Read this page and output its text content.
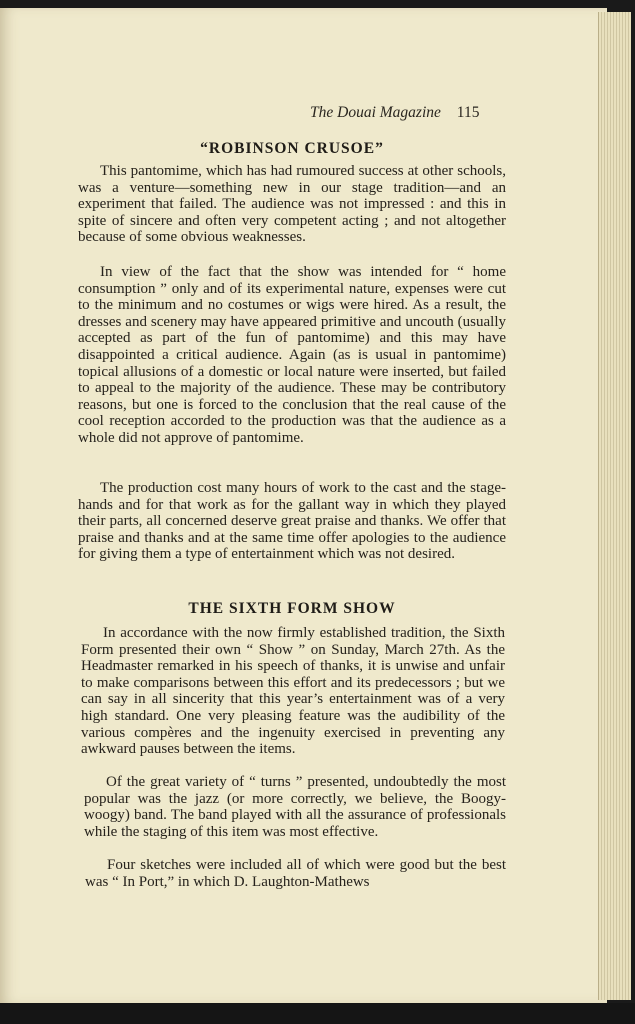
The Douai Magazine 115
“ROBINSON CRUSOE”

This pantomime, which has had rumoured success at other schools, was a venture—something new in our stage tradition—and an experiment that failed. The audience was not impressed : and this in spite of sincere and often very competent acting ; and not altogether because of some obvious weaknesses.

In view of the fact that the show was intended for “ home consumption ” only and of its experimental nature, expenses were cut to the minimum and no costumes or wigs were hired. As a result, the dresses and scenery may have appeared primitive and uncouth (usually accepted as part of the fun of pantomime) and this may have disappointed a critical audience. Again (as is usual in pantomime) topical allusions of a domestic or local nature were inserted, but failed to appeal to the majority of the audience. These may be contributory reasons, but one is forced to the conclusion that the real cause of the cool reception accorded to the production was that the audience as a whole did not approve of pantomime.

The production cost many hours of work to the cast and the stage-hands and for that work as for the gallant way in which they played their parts, all concerned deserve great praise and thanks. We offer that praise and thanks and at the same time offer apologies to the audience for giving them a type of entertainment which was not desired.

THE SIXTH FORM SHOW

In accordance with the now firmly established tradition, the Sixth Form presented their own “ Show ” on Sunday, March 27th. As the Headmaster remarked in his speech of thanks, it is unwise and unfair to make comparisons between this effort and its predecessors ; but we can say in all sincerity that this year’s entertainment was of a very high standard. One very pleasing feature was the audibility of the various compères and the ingenuity exercised in preventing any awkward pauses between the items.

Of the great variety of “ turns ” presented, undoubtedly the most popular was the jazz (or more correctly, we believe, the Boogy-woogy) band. The band played with all the assurance of professionals while the staging of this item was most effective.

Four sketches were included all of which were good but the best was “ In Port,” in which D. Laughton-Mathews
